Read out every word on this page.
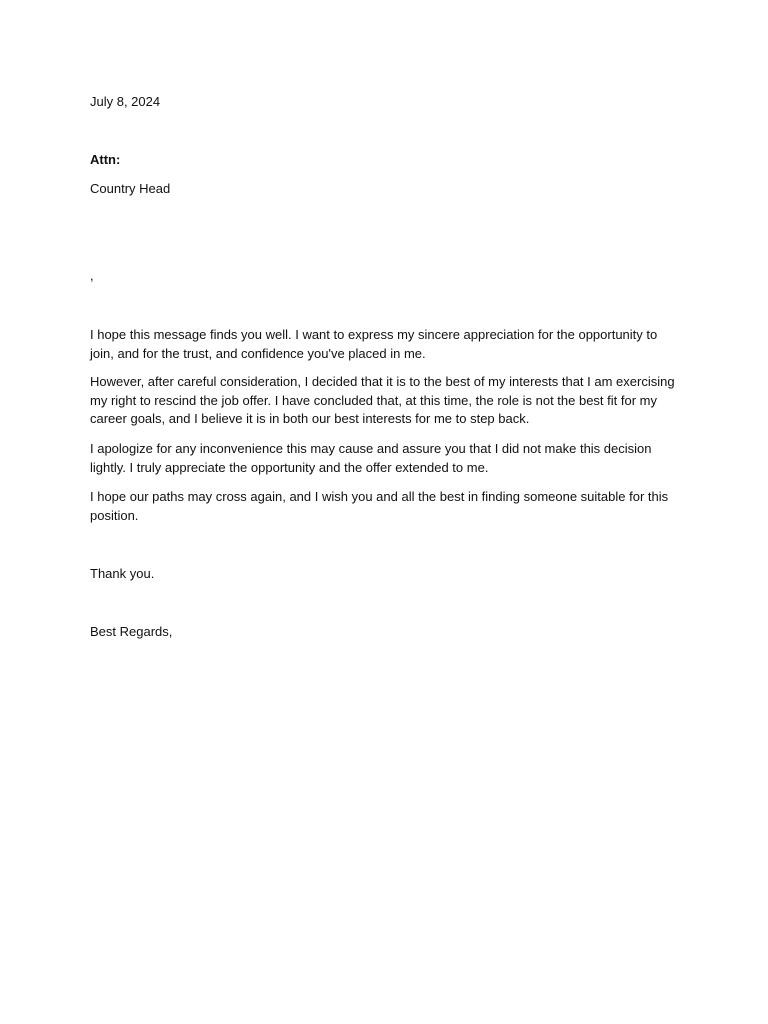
July 8, 2024
Attn:
Country Head
,
I hope this message finds you well. I want to express my sincere appreciation for the opportunity to join, and for the trust, and confidence you've placed in me.
However, after careful consideration, I decided that it is to the best of my interests that I am exercising my right to rescind the job offer. I have concluded that, at this time, the role is not the best fit for my career goals, and I believe it is in both our best interests for me to step back.
I apologize for any inconvenience this may cause and assure you that I did not make this decision lightly. I truly appreciate the opportunity and the offer extended to me.
I hope our paths may cross again, and I wish you and all the best in finding someone suitable for this position.
Thank you.
Best Regards,
